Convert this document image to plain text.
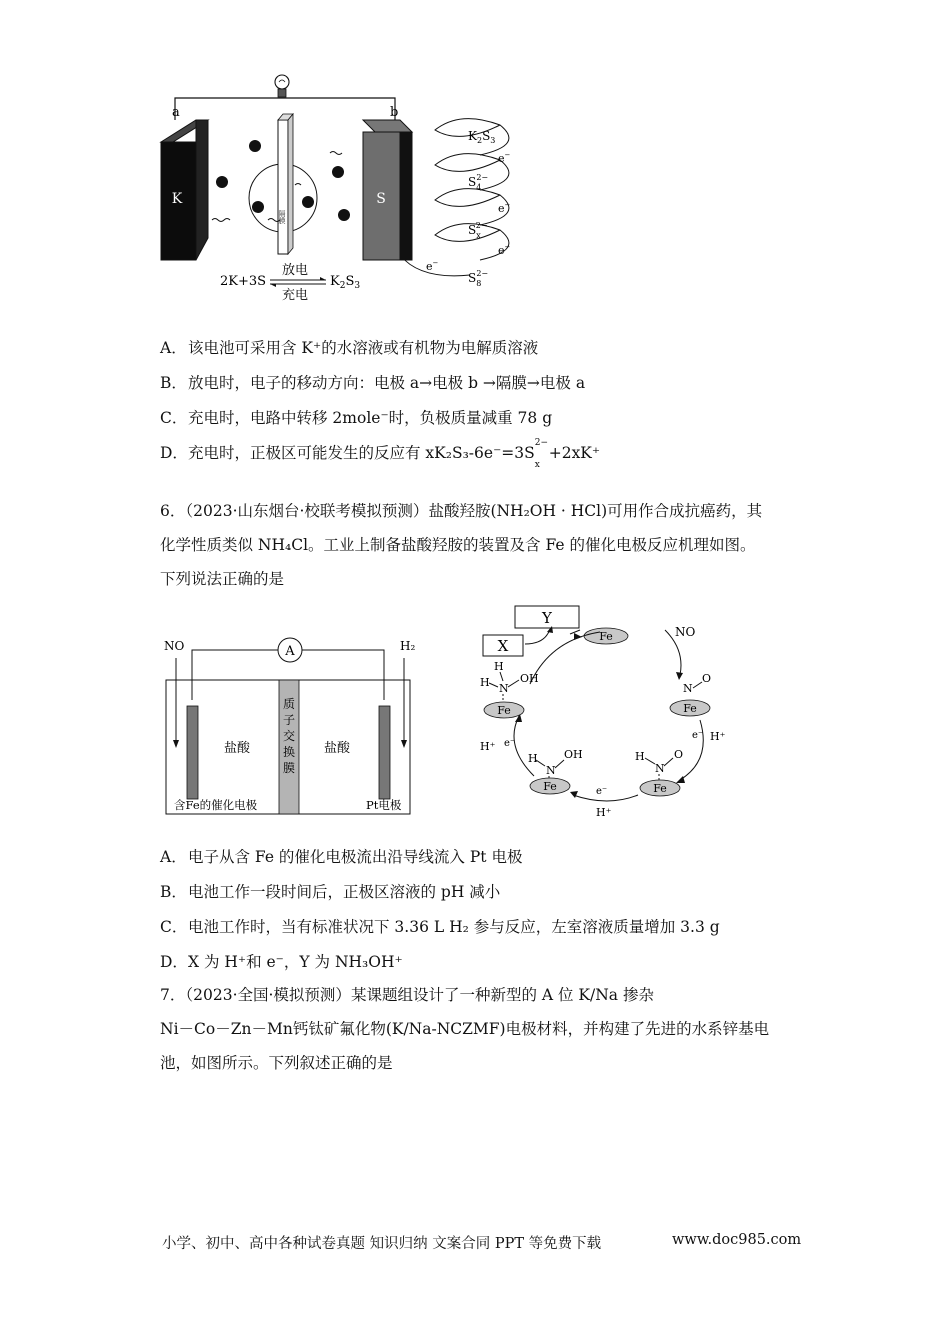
a	b
K	S
隔膜
$K_2S_3$
$S_42-$
$S_x2-$
$S_82-$
e−
e−
e−
e−
2K+3S
放电
充电
$K_2S_3$
A．该电池可采用含 K⁺的水溶液或有机物为电解质溶液
B．放电时，电子的移动方向：电极 a→电极 b →隔膜→电极 a
C．充电时，电路中转移 2mole⁻时，负极质量减重 78 g
D．充电时，正极区可能发生的反应有 xK₂S₃-6e⁻=3S
2−
x
+2xK⁺
6．（2023·山东烟台·校联考模拟预测）盐酸羟胺(NH₂OH · HCl)可用作合成抗癌药，其
化学性质类似 NH₄Cl。工业上制备盐酸羟胺的装置及含 Fe 的催化电极反应机理如图。
下列说法正确的是
NO	H₂
A
质
子
交
换
膜
盐酸	盐酸
含Fe的催化电极	Pt电极
Y
X
Fe	NO
N
O
Fe
e⁻ H⁺
H
N
O
Fe
e⁻
H⁺
H
N
OH
Fe
H⁺ e⁻
H
H N
OH
Fe
A．电子从含 Fe 的催化电极流出沿导线流入 Pt 电极
B．电池工作一段时间后，正极区溶液的 pH 减小
C．电池工作时，当有标准状况下 3.36 L H₂ 参与反应，左室溶液质量增加 3.3 g
D．X 为 H⁺和 e⁻，Y 为 NH₃OH⁺
7．（2023·全国·模拟预测）某课题组设计了一种新型的 A 位 K/Na 掺杂
Ni－Co－Zn－Mn钙钛矿氟化物(K/Na-NCZMF)电极材料，并构建了先进的水系锌基电
池，如图所示。下列叙述正确的是
小学、初中、高中各种试卷真题 知识归纳 文案合同 PPT 等免费下载	www.doc985.com
